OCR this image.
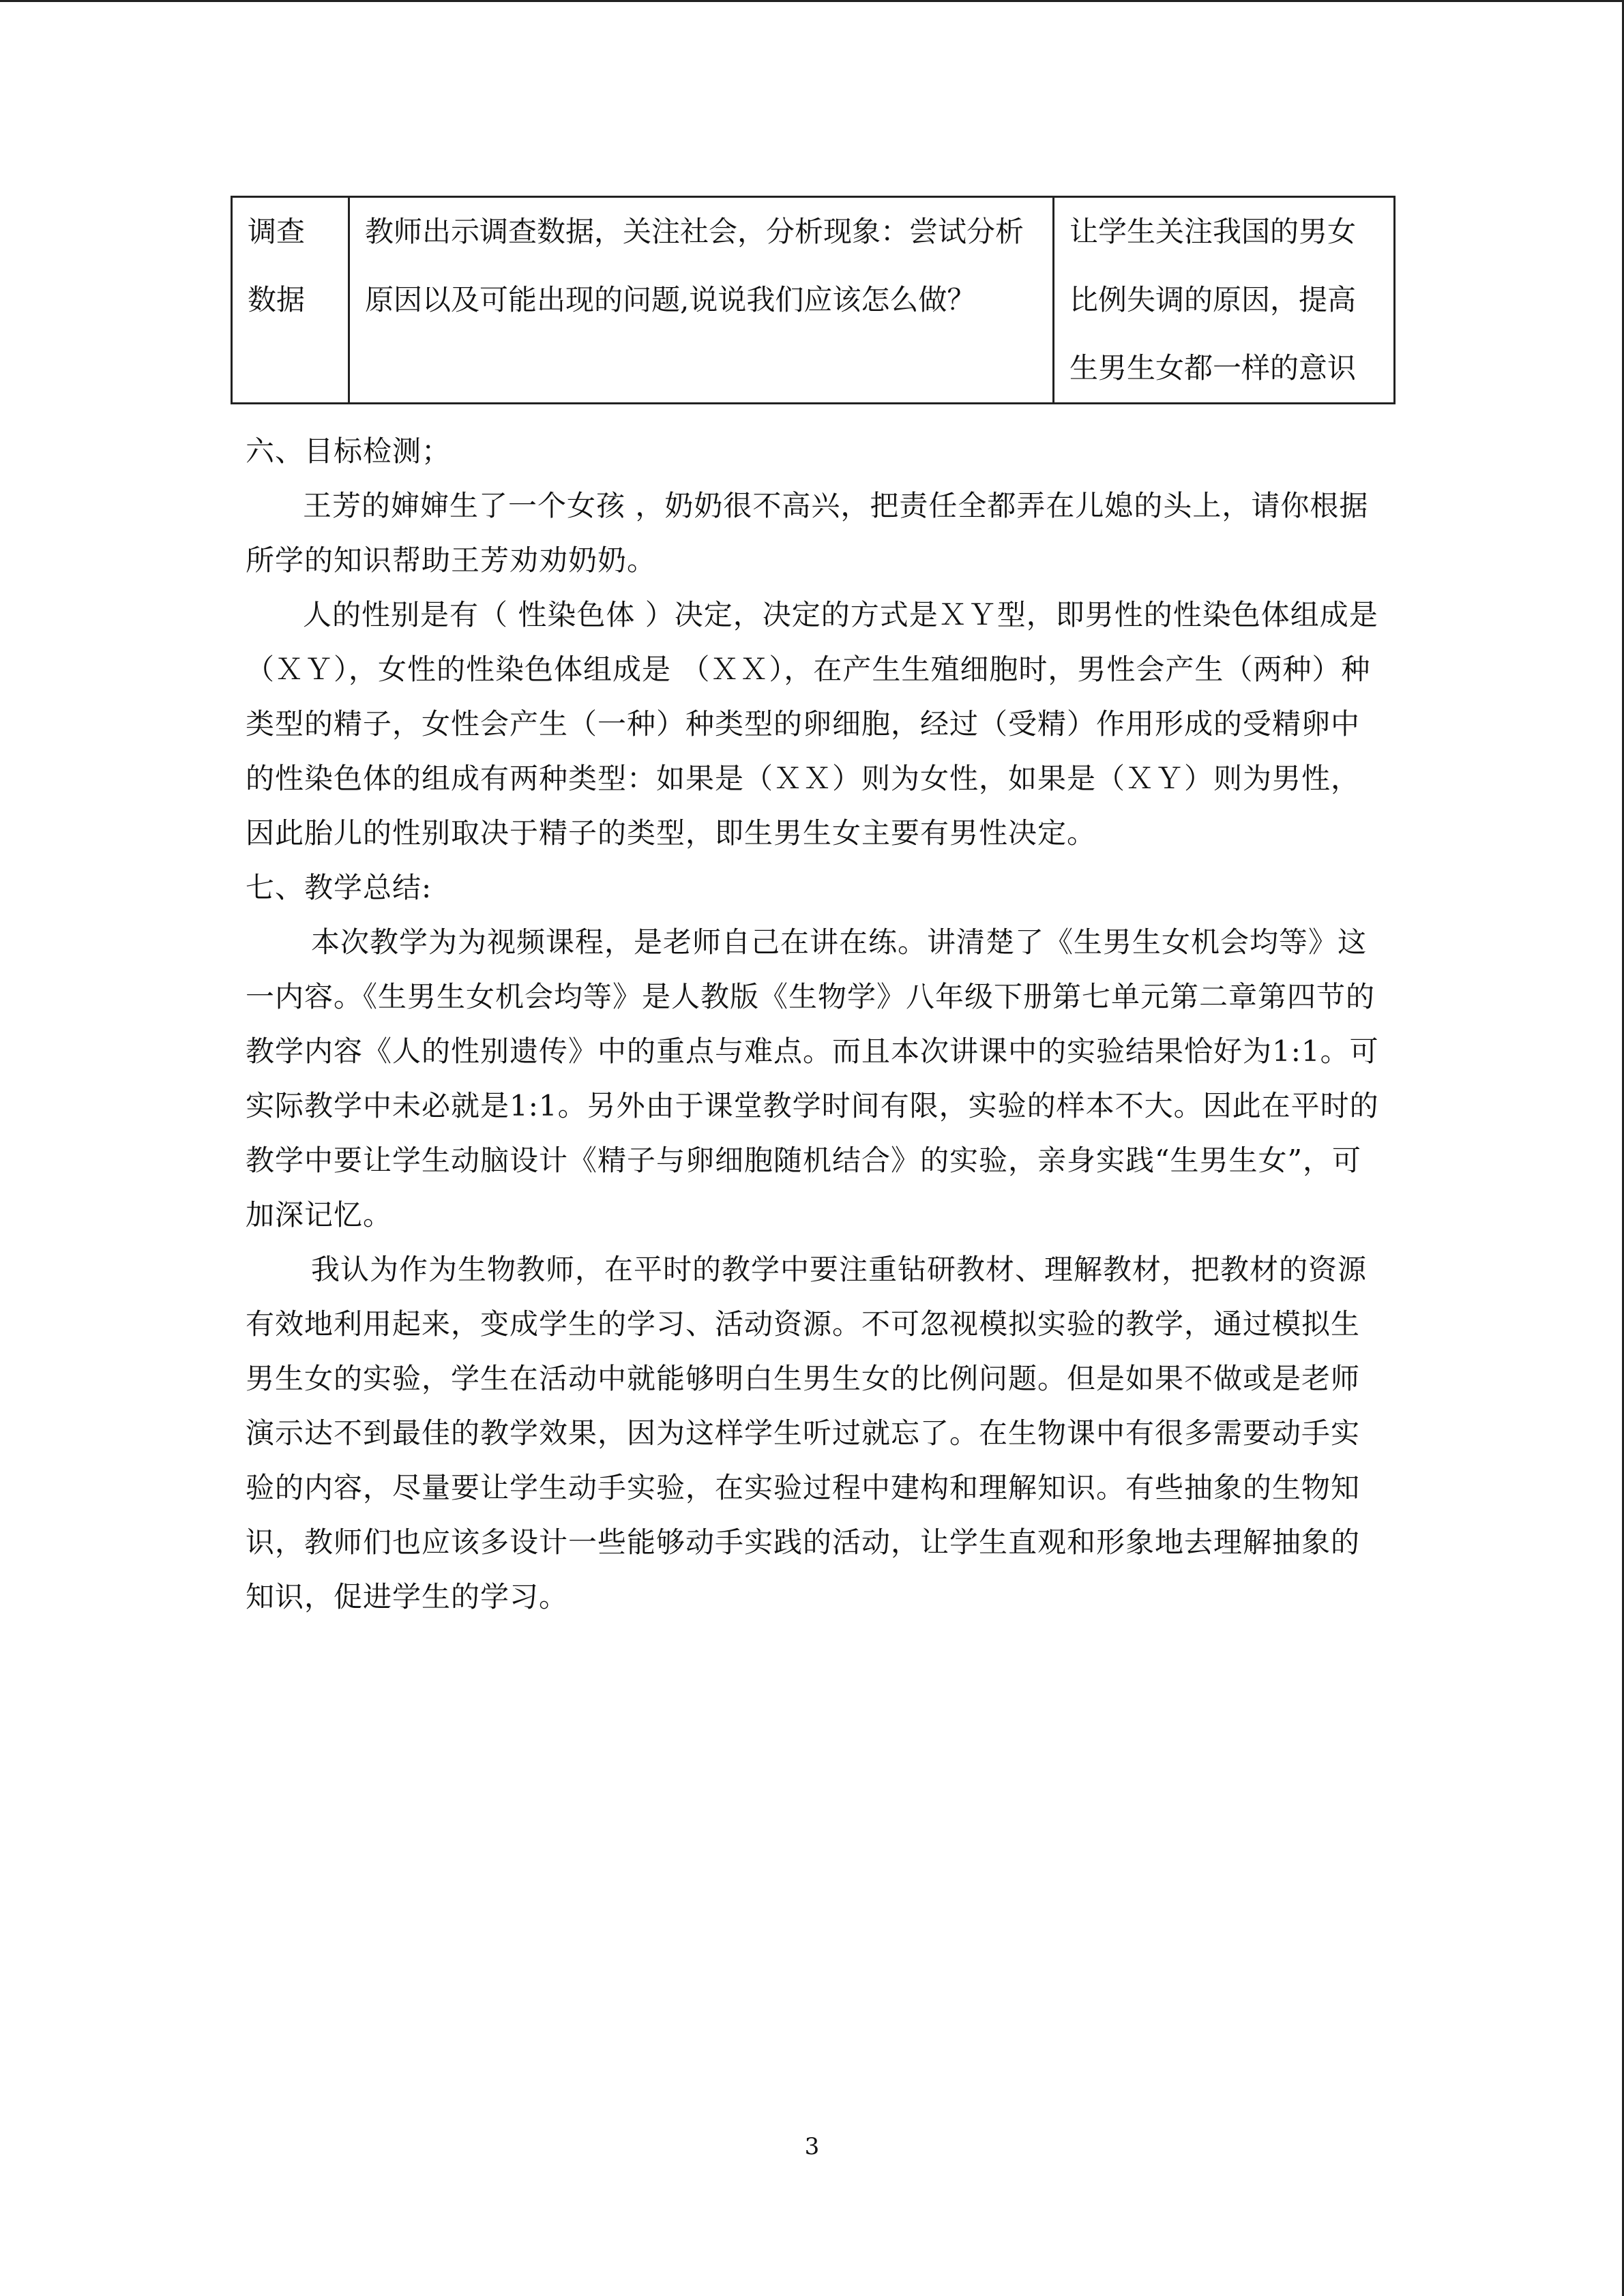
调查
数据
	教师出示调查数据，关注社会，分析现象：尝试分析原因以及可能出现的问题,说说我们应该怎么做？	让学生关注我国的男女比例失调的原因，提高生男生女都一样的意识

六、目标检测；

王芳的婶婶生了一个女孩 ，奶奶很不高兴，把责任全都弄在儿媳的头上，请你根据所学的知识帮助王芳劝劝奶奶。

人的性别是有（ 性染色体 ）决定，决定的方式是ＸＹ型，即男性的性染色体组成是（ＸＹ），女性的性染色体组成是 （ＸＸ），在产生生殖细胞时，男性会产生（两种）种类型的精子，女性会产生（一种）种类型的卵细胞，经过（受精）作用形成的受精卵中的性染色体的组成有两种类型：如果是（ＸＸ）则为女性，如果是（ＸＹ）则为男性，因此胎儿的性别取决于精子的类型，即生男生女主要有男性决定。

七、教学总结:

本次教学为为视频课程，是老师自己在讲在练。讲清楚了《生男生女机会均等》这一内容。《生男生女机会均等》是人教版《生物学》八年级下册第七单元第二章第四节的教学内容《人的性别遗传》中的重点与难点。而且本次讲课中的实验结果恰好为1:1。可实际教学中未必就是1:1。另外由于课堂教学时间有限，实验的样本不大。因此在平时的教学中要让学生动脑设计《精子与卵细胞随机结合》的实验，亲身实践“生男生女”，可加深记忆。

我认为作为生物教师，在平时的教学中要注重钻研教材、理解教材，把教材的资源有效地利用起来，变成学生的学习、活动资源。不可忽视模拟实验的教学，通过模拟生男生女的实验，学生在活动中就能够明白生男生女的比例问题。但是如果不做或是老师演示达不到最佳的教学效果，因为这样学生听过就忘了。在生物课中有很多需要动手实验的内容，尽量要让学生动手实验，在实验过程中建构和理解知识。有些抽象的生物知识，教师们也应该多设计一些能够动手实践的活动，让学生直观和形象地去理解抽象的知识，促进学生的学习。

3
